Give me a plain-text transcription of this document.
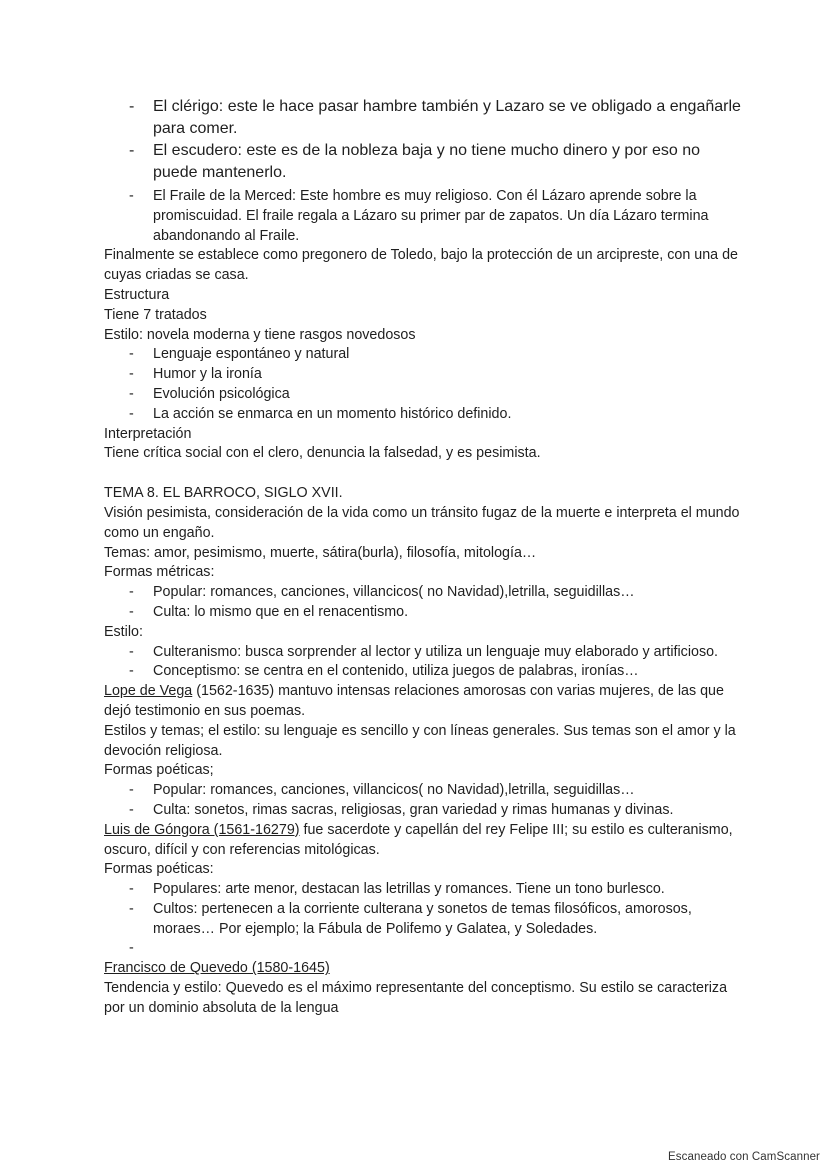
- El clérigo: este le hace pasar hambre también y Lazaro se ve obligado a engañarle para comer.
- El escudero: este es de la nobleza baja y no tiene mucho dinero y por eso no puede mantenerlo.
- El Fraile de la Merced: Este hombre es muy religioso. Con él Lázaro aprende sobre la promiscuidad. El fraile regala a Lázaro su primer par de zapatos. Un día Lázaro termina abandonando al Fraile.
Finalmente se establece como pregonero de Toledo, bajo la protección de un arcipreste, con una de cuyas criadas se casa.
Estructura
Tiene 7 tratados
Estilo: novela moderna y tiene rasgos novedosos
- Lenguaje espontáneo y natural
- Humor y la ironía
- Evolución psicológica
- La acción se enmarca en un momento histórico definido.
Interpretación
Tiene crítica social con el clero, denuncia la falsedad, y es pesimista.
TEMA 8. EL BARROCO, SIGLO XVII.
Visión pesimista, consideración de la vida como un tránsito fugaz de la muerte e interpreta el mundo como un engaño.
Temas: amor, pesimismo, muerte, sátira(burla), filosofía, mitología…
Formas métricas:
- Popular: romances, canciones, villancicos( no Navidad),letrilla, seguidillas…
- Culta: lo mismo que en el renacentismo.
Estilo:
- Culteranismo: busca sorprender al lector y utiliza un lenguaje muy elaborado y artificioso.
- Conceptismo: se centra en el contenido, utiliza juegos de palabras, ironías…
Lope de Vega (1562-1635) mantuvo intensas relaciones amorosas con varias mujeres, de las que dejó testimonio en sus poemas.
Estilos y temas; el estilo: su lenguaje es sencillo y con líneas generales. Sus temas son el amor y la devoción religiosa.
Formas poéticas;
- Popular: romances, canciones, villancicos( no Navidad),letrilla, seguidillas…
- Culta: sonetos, rimas sacras, religiosas, gran variedad y rimas humanas y divinas.
Luis de Góngora (1561-16279) fue sacerdote y capellán del rey Felipe III; su estilo es culteranismo, oscuro, difícil y con referencias mitológicas.
Formas poéticas:
- Populares: arte menor, destacan las letrillas y romances. Tiene un tono burlesco.
- Cultos: pertenecen a la corriente culterana y sonetos de temas filosóficos, amorosos, moraes… Por ejemplo; la Fábula de Polifemo y Galatea, y Soledades.
-
Francisco de Quevedo (1580-1645)
Tendencia y estilo: Quevedo es el máximo representante del conceptismo. Su estilo se caracteriza por un dominio absoluta de la lengua
Escaneado con CamScanner
